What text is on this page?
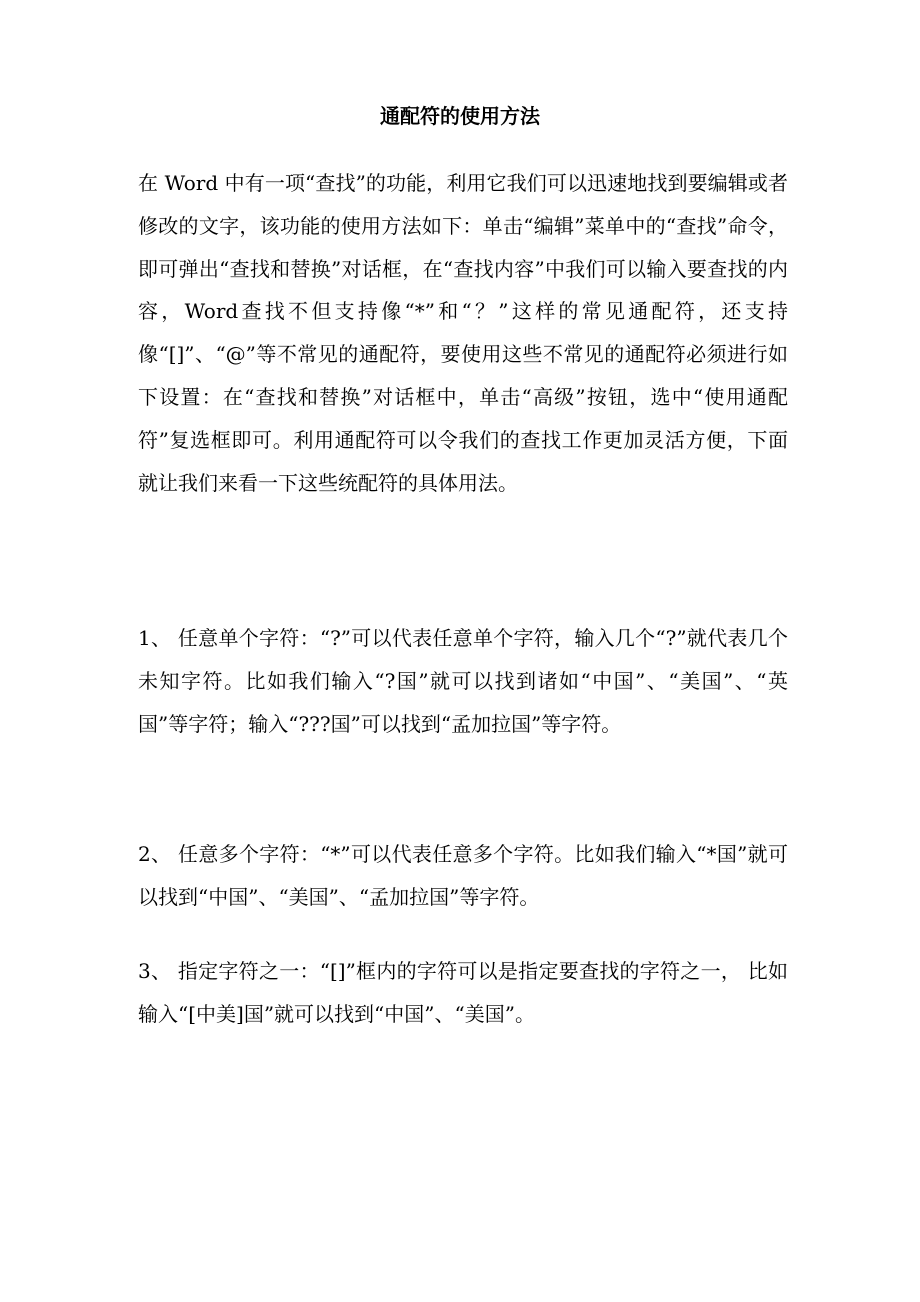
通配符的使用方法

在 Word 中有一项“查找”的功能，利用它我们可以迅速地找到要编辑或者修改的文字，该功能的使用方法如下：单击“编辑”菜单中的“查找”命令，即可弹出“查找和替换”对话框，在“查找内容”中我们可以输入要查找的内容，Word查找不但支持像“*”和“？”这样的常见通配符，还支持像“[]”、“@”等不常见的通配符，要使用这些不常见的通配符必须进行如下设置：在“查找和替换”对话框中，单击“高级”按钮，选中“使用通配符”复选框即可。利用通配符可以令我们的查找工作更加灵活方便，下面就让我们来看一下这些统配符的具体用法。

1、 任意单个字符：“?”可以代表任意单个字符，输入几个“?”就代表几个未知字符。比如我们输入“?国”就可以找到诸如“中国”、“美国”、“英国”等字符；输入“???国”可以找到“孟加拉国”等字符。

2、 任意多个字符：“*”可以代表任意多个字符。比如我们输入“*国”就可以找到“中国”、“美国”、“孟加拉国”等字符。

3、 指定字符之一：“[]”框内的字符可以是指定要查找的字符之一， 比如输入“[中美]国”就可以找到“中国”、“美国”。
